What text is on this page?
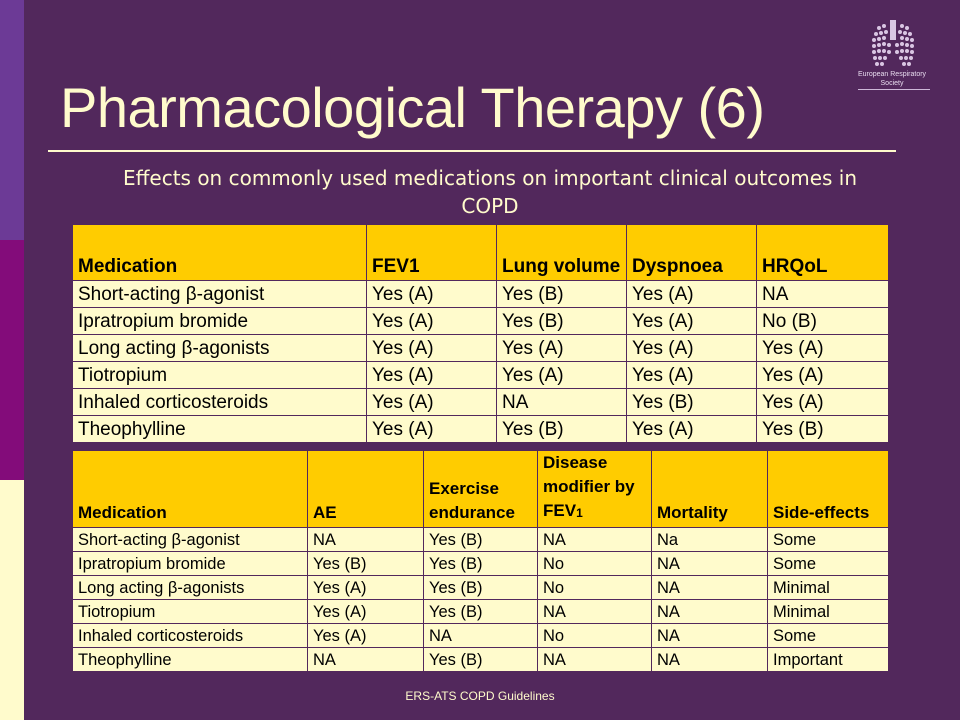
European Respiratory Society
Pharmacological Therapy (6)
Effects on commonly used medications on important clinical outcomes in COPD
Medication	FEV1	Lung volume	Dyspnoea	HRQoL
Short-acting β-agonist	Yes (A)	Yes (B)	Yes (A)	NA
Ipratropium bromide	Yes (A)	Yes (B)	Yes (A)	No (B)
Long acting β-agonists	Yes (A)	Yes (A)	Yes (A)	Yes (A)
Tiotropium	Yes (A)	Yes (A)	Yes (A)	Yes (A)
Inhaled corticosteroids	Yes (A)	NA	Yes (B)	Yes (A)
Theophylline	Yes (A)	Yes (B)	Yes (A)	Yes (B)
Medication	AE	Exercise endurance	Disease modifier by $FEV_1$	Mortality	Side-effects
Short-acting β-agonist	NA	Yes (B)	NA	Na	Some
Ipratropium bromide	Yes (B)	Yes (B)	No	NA	Some
Long acting β-agonists	Yes (A)	Yes (B)	No	NA	Minimal
Tiotropium	Yes (A)	Yes (B)	NA	NA	Minimal
Inhaled corticosteroids	Yes (A)	NA	No	NA	Some
Theophylline	NA	Yes (B)	NA	NA	Important
ERS-ATS COPD Guidelines
